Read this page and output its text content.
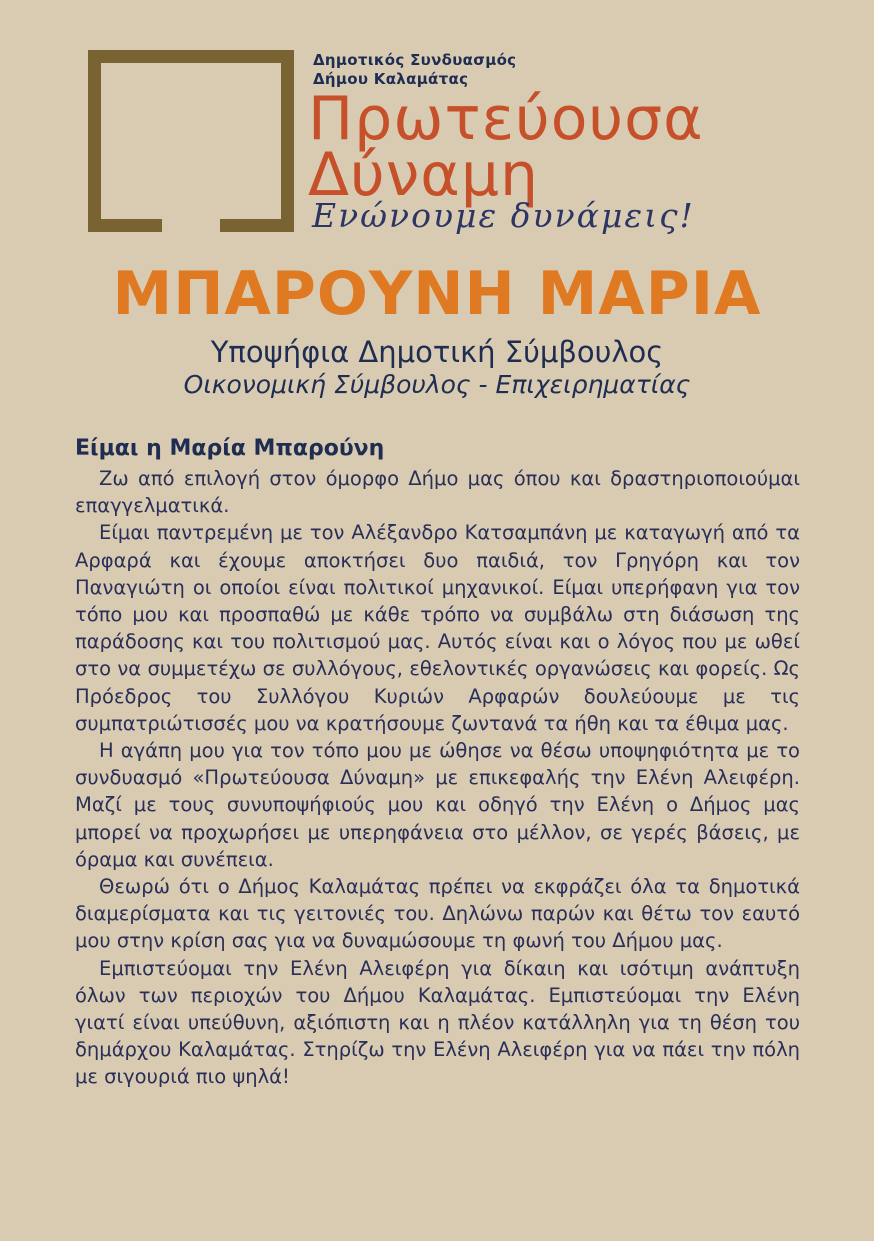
Δημοτικός Συνδυασμός
Δήμου Καλαμάτας
Πρωτεύουσα
Δύναμη
Ενώνουμε δυνάμεις!
ΜΠΑΡΟΥΝΗ ΜΑΡΙΑ
Υποψήφια Δημοτική Σύμβουλος
Οικονομική Σύμβουλος - Επιχειρηματίας
Είμαι η Μαρία Μπαρούνη

Ζω από επιλογή στον όμορφο Δήμο μας όπου και δραστηριοποιούμαι επαγγελματικά.

Είμαι παντρεμένη με τον Αλέξανδρο Κατσαμπάνη με καταγωγή από τα Αρφαρά και έχουμε αποκτήσει δυο παιδιά, τον Γρηγόρη και τον Παναγιώτη οι οποίοι είναι πολιτικοί μηχανικοί. Είμαι υπερήφανη για τον τόπο μου και προσπαθώ με κάθε τρόπο να συμβάλω στη διάσωση της παράδοσης και του πολιτισμού μας. Αυτός είναι και ο λόγος που με ωθεί στο να συμμετέχω σε συλλόγους, εθελοντικές οργανώσεις και φορείς. Ως Πρόεδρος του Συλλόγου Κυριών Αρφαρών δουλεύουμε με τις συμπατριώτισσές μου να κρατήσουμε ζωντανά τα ήθη και τα έθιμα μας.

Η αγάπη μου για τον τόπο μου με ώθησε να θέσω υποψηφιότητα με το συνδυασμό «Πρωτεύουσα Δύναμη» με επικεφαλής την Ελένη Αλειφέρη. Μαζί με τους συνυποψήφιούς μου και οδηγό την Ελένη ο Δήμος μας μπορεί να προχωρήσει με υπερηφάνεια στο μέλλον, σε γερές βάσεις, με όραμα και συνέπεια.

Θεωρώ ότι ο Δήμος Καλαμάτας πρέπει να εκφράζει όλα τα δημοτικά διαμερίσματα και τις γειτονιές του. Δηλώνω παρών και θέτω τον εαυτό μου στην κρίση σας για να δυναμώσουμε τη φωνή του Δήμου μας.

Εμπιστεύομαι την Ελένη Αλειφέρη για δίκαιη και ισότιμη ανάπτυξη όλων των περιοχών του Δήμου Καλαμάτας. Εμπιστεύομαι την Ελένη γιατί είναι υπεύθυνη, αξιόπιστη και η πλέον κατάλληλη για τη θέση του δημάρχου Καλαμάτας. Στηρίζω την Ελένη Αλειφέρη για να πάει την πόλη με σιγουριά πιο ψηλά!
